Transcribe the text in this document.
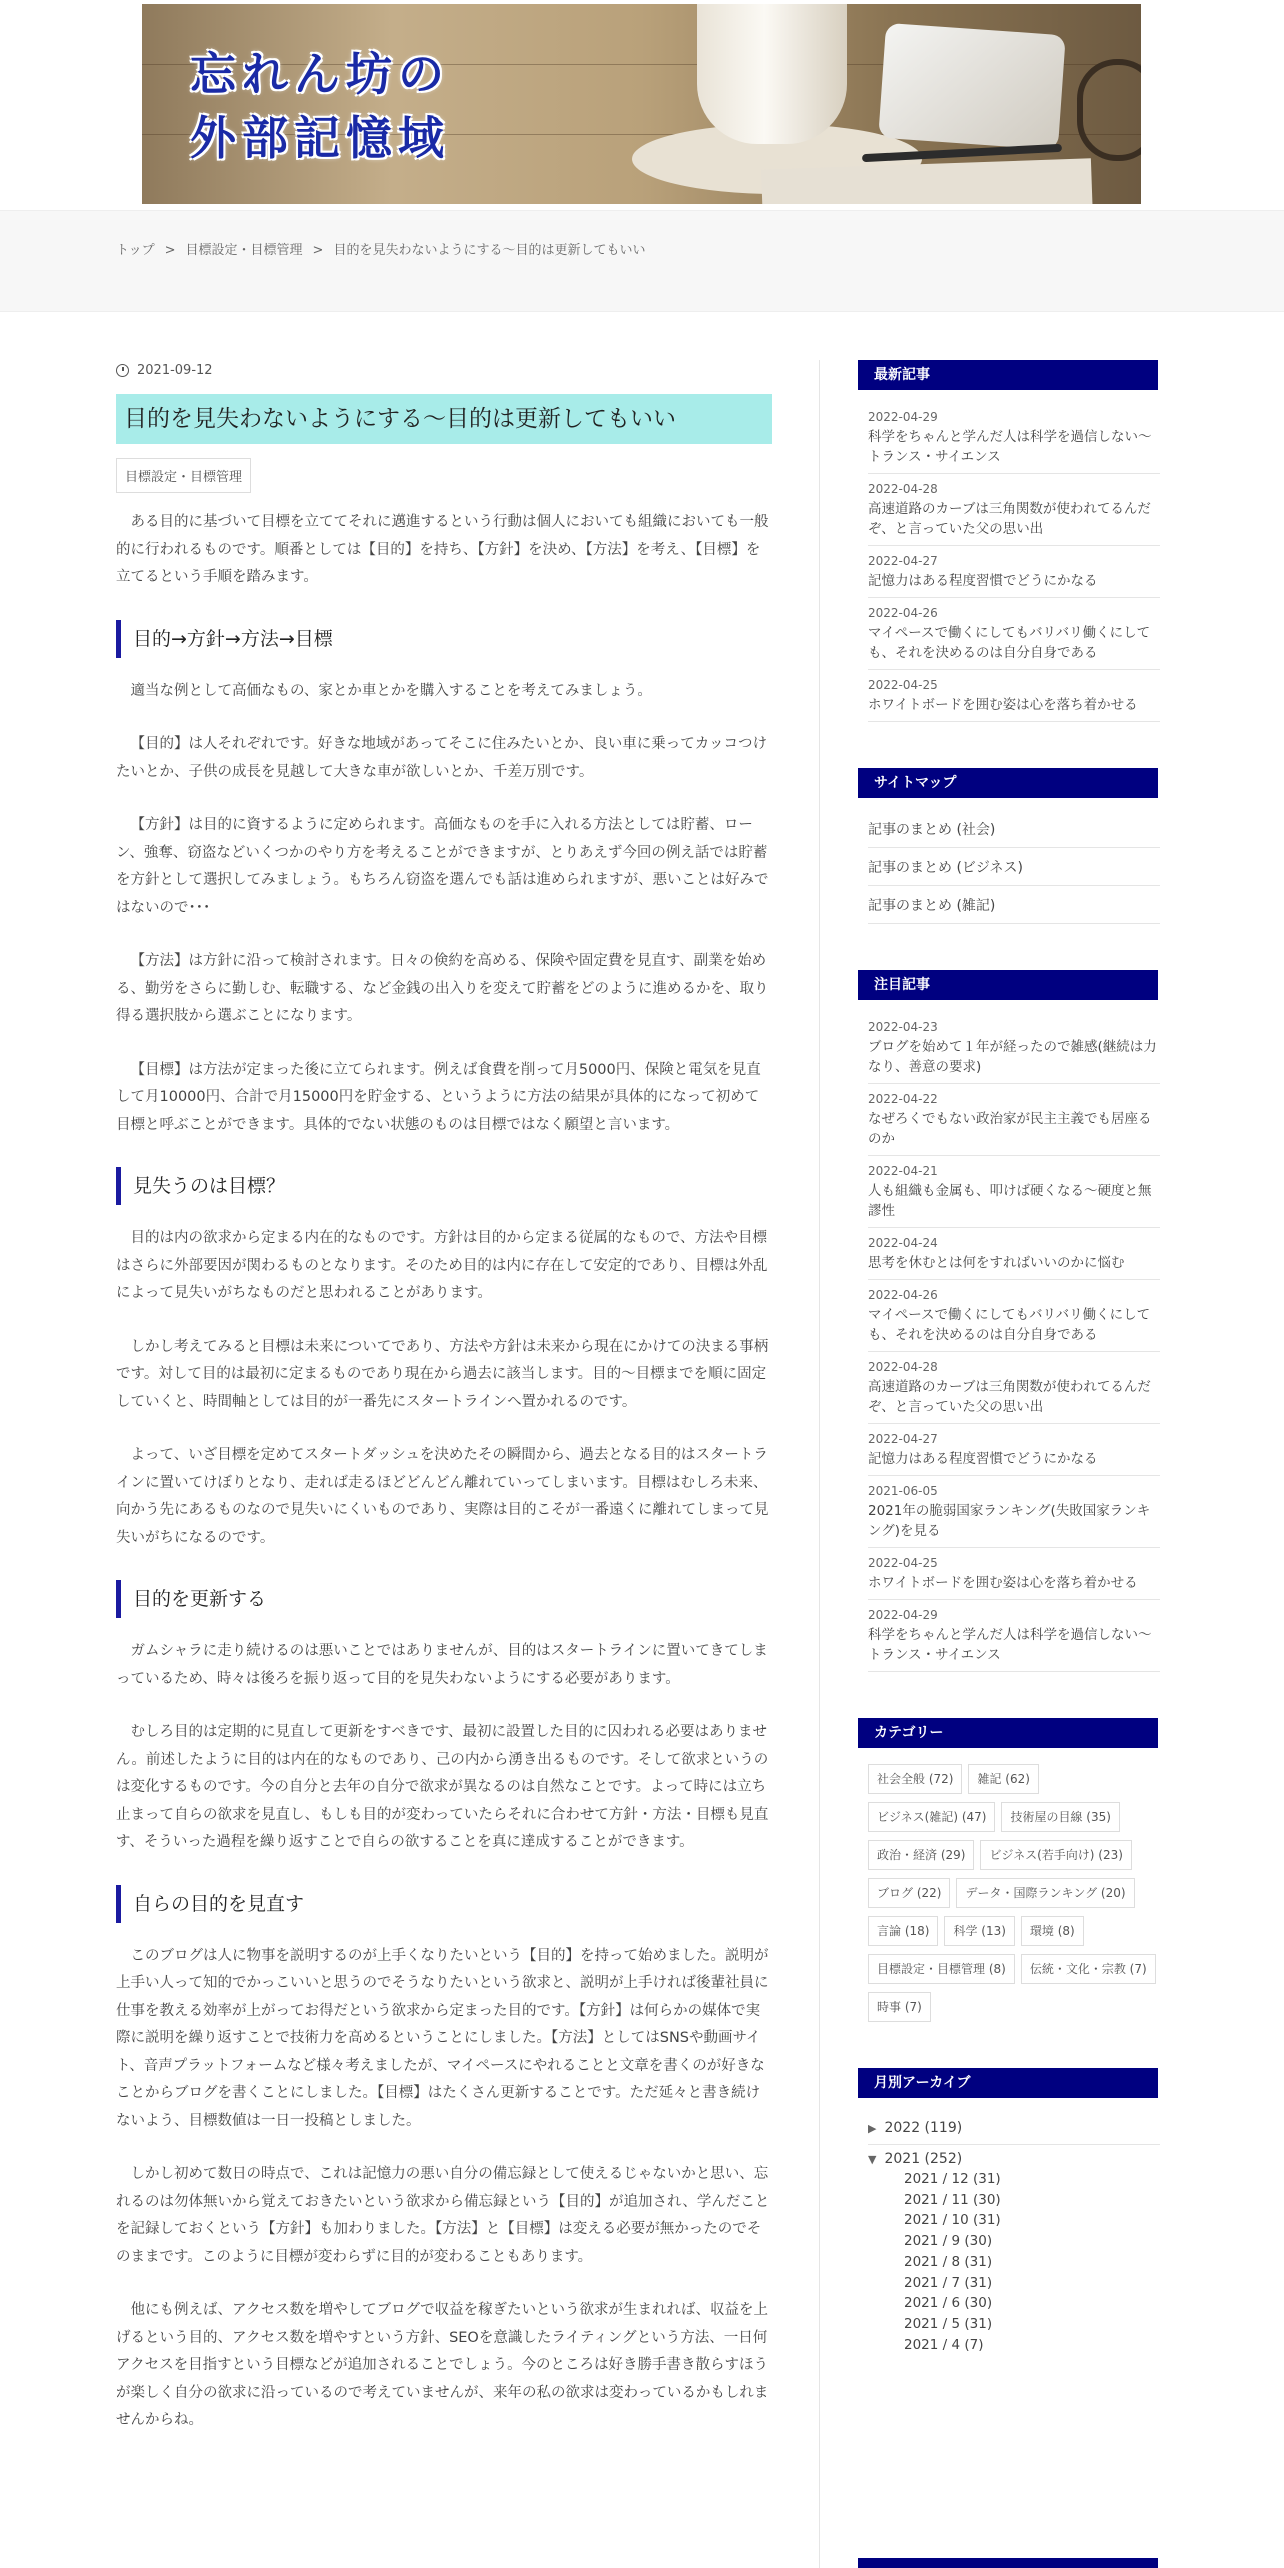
忘れん坊の
外部記憶域
トップ > 目標設定・目標管理 > 目的を見失わないようにする～目的は更新してもいい
2021-09-12
目的を見失わないようにする～目的は更新してもいい
目標設定・目標管理

ある目的に基づいて目標を立ててそれに邁進するという行動は個人においても組織においても一般的に行われるものです。順番としては【目的】を持ち、【方針】を決め、【方法】を考え、【目標】を立てるという手順を踏みます。

目的→方針→方法→目標

適当な例として高価なもの、家とか車とかを購入することを考えてみましょう。

【目的】は人それぞれです。好きな地域があってそこに住みたいとか、良い車に乗ってカッコつけたいとか、子供の成長を見越して大きな車が欲しいとか、千差万別です。

【方針】は目的に資するように定められます。高価なものを手に入れる方法としては貯蓄、ローン、強奪、窃盗などいくつかのやり方を考えることができますが、とりあえず今回の例え話では貯蓄を方針として選択してみましょう。もちろん窃盗を選んでも話は進められますが、悪いことは好みではないので･･･

【方法】は方針に沿って検討されます。日々の倹約を高める、保険や固定費を見直す、副業を始める、勤労をさらに勤しむ、転職する、など金銭の出入りを変えて貯蓄をどのように進めるかを、取り得る選択肢から選ぶことになります。

【目標】は方法が定まった後に立てられます。例えば食費を削って月5000円、保険と電気を見直して月10000円、合計で月15000円を貯金する、というように方法の結果が具体的になって初めて目標と呼ぶことができます。具体的でない状態のものは目標ではなく願望と言います。

見失うのは目標？

目的は内の欲求から定まる内在的なものです。方針は目的から定まる従属的なもので、方法や目標はさらに外部要因が関わるものとなります。そのため目的は内に存在して安定的であり、目標は外乱によって見失いがちなものだと思われることがあります。

しかし考えてみると目標は未来についてであり、方法や方針は未来から現在にかけての決まる事柄です。対して目的は最初に定まるものであり現在から過去に該当します。目的～目標までを順に固定していくと、時間軸としては目的が一番先にスタートラインへ置かれるのです。

よって、いざ目標を定めてスタートダッシュを決めたその瞬間から、過去となる目的はスタートラインに置いてけぼりとなり、走れば走るほどどんどん離れていってしまいます。目標はむしろ未来、向かう先にあるものなので見失いにくいものであり、実際は目的こそが一番遠くに離れてしまって見失いがちになるのです。

目的を更新する

ガムシャラに走り続けるのは悪いことではありませんが、目的はスタートラインに置いてきてしまっているため、時々は後ろを振り返って目的を見失わないようにする必要があります。

むしろ目的は定期的に見直して更新をすべきです、最初に設置した目的に囚われる必要はありません。前述したように目的は内在的なものであり、己の内から湧き出るものです。そして欲求というのは変化するものです。今の自分と去年の自分で欲求が異なるのは自然なことです。よって時には立ち止まって自らの欲求を見直し、もしも目的が変わっていたらそれに合わせて方針・方法・目標も見直す、そういった過程を繰り返すことで自らの欲することを真に達成することができます。

自らの目的を見直す

このブログは人に物事を説明するのが上手くなりたいという【目的】を持って始めました。説明が上手い人って知的でかっこいいと思うのでそうなりたいという欲求と、説明が上手ければ後輩社員に仕事を教える効率が上がってお得だという欲求から定まった目的です。【方針】は何らかの媒体で実際に説明を繰り返すことで技術力を高めるということにしました。【方法】としてはSNSや動画サイト、音声プラットフォームなど様々考えましたが、マイペースにやれることと文章を書くのが好きなことからブログを書くことにしました。【目標】はたくさん更新することです。ただ延々と書き続けないよう、目標数値は一日一投稿としました。

しかし初めて数日の時点で、これは記憶力の悪い自分の備忘録として使えるじゃないかと思い、忘れるのは勿体無いから覚えておきたいという欲求から備忘録という【目的】が追加され、学んだことを記録しておくという【方針】も加わりました。【方法】と【目標】は変える必要が無かったのでそのままです。このように目標が変わらずに目的が変わることもあります。

他にも例えば、アクセス数を増やしてブログで収益を稼ぎたいという欲求が生まれれば、収益を上げるという目的、アクセス数を増やすという方針、SEOを意識したライティングという方法、一日何アクセスを目指すという目標などが追加されることでしょう。今のところは好き勝手書き散らすほうが楽しく自分の欲求に沿っているので考えていませんが、来年の私の欲求は変わっているかもしれませんからね。

最新記事
2022-04-29
科学をちゃんと学んだ人は科学を過信しない～トランス・サイエンス
2022-04-28
高速道路のカーブは三角関数が使われてるんだぞ、と言っていた父の思い出
2022-04-27
記憶力はある程度習慣でどうにかなる
2022-04-26
マイペースで働くにしてもバリバリ働くにしても、それを決めるのは自分自身である
2022-04-25
ホワイトボードを囲む姿は心を落ち着かせる
サイトマップ
記事のまとめ (社会)
記事のまとめ (ビジネス)
記事のまとめ (雑記)
注目記事
2022-04-23
ブログを始めて１年が経ったので雑感(継続は力なり、善意の要求)
2022-04-22
なぜろくでもない政治家が民主主義でも居座るのか
2022-04-21
人も組織も金属も、叩けば硬くなる～硬度と無謬性
2022-04-24
思考を休むとは何をすればいいのかに悩む
2022-04-26
マイペースで働くにしてもバリバリ働くにしても、それを決めるのは自分自身である
2022-04-28
高速道路のカーブは三角関数が使われてるんだぞ、と言っていた父の思い出
2022-04-27
記憶力はある程度習慣でどうにかなる
2021-06-05
2021年の脆弱国家ランキング(失敗国家ランキング)を見る
2022-04-25
ホワイトボードを囲む姿は心を落ち着かせる
2022-04-29
科学をちゃんと学んだ人は科学を過信しない～トランス・サイエンス
カテゴリー
社会全般 (72)	雑記 (62)
ビジネス(雑記) (47)	技術屋の目線 (35)
政治・経済 (29)	ビジネス(若手向け) (23)
ブログ (22)	データ・国際ランキング (20)
言論 (18)	科学 (13)	環境 (8)
目標設定・目標管理 (8)	伝統・文化・宗教 (7)
時事 (7)
月別アーカイブ
▶ 2022 (119)
▼ 2021 (252)
2021 / 12 (31)
2021 / 11 (30)
2021 / 10 (31)
2021 / 9 (30)
2021 / 8 (31)
2021 / 7 (31)
2021 / 6 (30)
2021 / 5 (31)
2021 / 4 (7)
